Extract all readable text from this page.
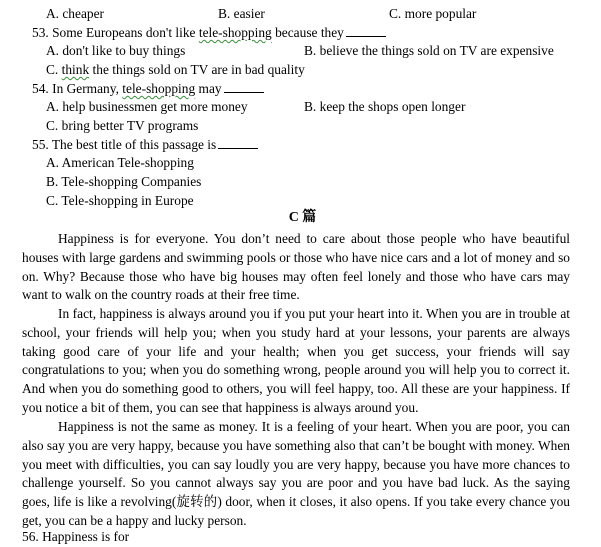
A. cheaper	B. easier	C. more popular
53. Some Europeans don't like tele-shopping because they
A. don't like to buy things	B. believe the things sold on TV are expensive
C. think the things sold on TV are in bad quality
54. In Germany, tele-shopping may
A. help businessmen get more money	B. keep the shops open longer
C. bring better TV programs
55. The best title of this passage is
A. American Tele-shopping
B. Tele-shopping Companies
C. Tele-shopping in Europe
C 篇

Happiness is for everyone. You don’t need to care about those people who have beautiful houses with large gardens and swimming pools or those who have nice cars and a lot of money and so on. Why? Because those who have big houses may often feel lonely and those who have cars may want to walk on the country roads at their free time.

In fact, happiness is always around you if you put your heart into it. When you are in trouble at school, your friends will help you; when you study hard at your lessons, your parents are always taking good care of your life and your health; when you get success, your friends will say congratulations to you; when you do something wrong, people around you will help you to correct it. And when you do something good to others, you will feel happy, too. All these are your happiness. If you notice a bit of them, you can see that happiness is always around you.

Happiness is not the same as money. It is a feeling of your heart. When you are poor, you can also say you are very happy, because you have something also that can’t be bought with money. When you meet with difficulties, you can say loudly you are very happy, because you have more chances to challenge yourself. So you cannot always say you are poor and you have bad luck. As the saying goes, life is like a revolving(旋转的) door, when it closes, it also opens. If you take every chance you get, you can be a happy and lucky person.

56. Happiness is for
